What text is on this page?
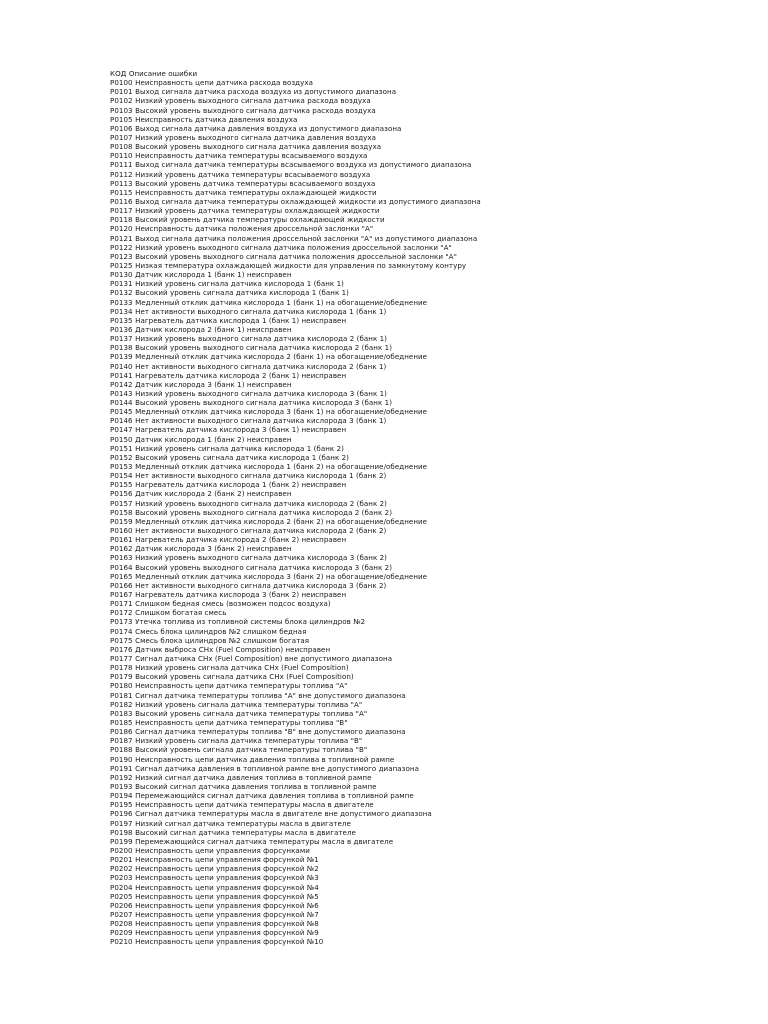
КОД Описание ошибки
P0100 Неисправность цепи датчика расхода воздуха
P0101 Выход сигнала датчика расхода воздуха из допустимого диапазона
P0102 Низкий уровень выходного сигнала датчика расхода воздуха
P0103 Высокий уровень выходного сигнала датчика расхода воздуха
P0105 Неисправность датчика давления воздуха
P0106 Выход сигнала датчика давления воздуха из допустимого диапазона
P0107 Низкий уровень выходного сигнала датчика давления воздуха
P0108 Высокий уровень выходного сигнала датчика давления воздуха
P0110 Неисправность датчика температуры всасываемого воздуха
P0111 Выход сигнала датчика температуры всасываемого воздуха из допустимого диапазона
P0112 Низкий уровень датчика температуры всасываемого воздуха
P0113 Высокий уровень датчика температуры всасываемого воздуха
P0115 Неисправность датчика температуры охлаждающей жидкости
P0116 Выход сигнала датчика температуры охлаждающей жидкости из допустимого диапазона
P0117 Низкий уровень датчика температуры охлаждающей жидкости
P0118 Высокий уровень датчика температуры охлаждающей жидкости
P0120 Неисправность датчика положения дроссельной заслонки "А"
P0121 Выход сигнала датчика положения дроссельной заслонки "А" из допустимого диапазона
P0122 Низкий уровень выходного сигнала датчика положения дроссельной заслонки "А"
P0123 Высокий уровень выходного сигнала датчика положения дроссельной заслонки "А"
P0125 Низкая температура охлаждающей жидкости для управления по замкнутому контуру
P0130 Датчик кислорода 1 (банк 1) неисправен
P0131 Низкий уровень сигнала датчика кислорода 1 (банк 1)
P0132 Высокий уровень сигнала датчика кислорода 1 (банк 1)
P0133 Медленный отклик датчика кислорода 1 (банк 1) на обогащение/обеднение
P0134 Нет активности выходного сигнала датчика кислорода 1 (банк 1)
P0135 Нагреватель датчика кислорода 1 (банк 1) неисправен
P0136 Датчик кислорода 2 (банк 1) неисправен
P0137 Низкий уровень выходного сигнала датчика кислорода 2 (банк 1)
P0138 Высокий уровень выходного сигнала датчика кислорода 2 (банк 1)
P0139 Медленный отклик датчика кислорода 2 (банк 1) на обогащение/обеднение
P0140 Нет активности выходного сигнала датчика кислорода 2 (банк 1)
P0141 Нагреватель датчика кислорода 2 (банк 1) неисправен
P0142 Датчик кислорода 3 (банк 1) неисправен
P0143 Низкий уровень выходного сигнала датчика кислорода 3 (банк 1)
P0144 Высокий уровень выходного сигнала датчика кислорода 3 (банк 1)
P0145 Медленный отклик датчика кислорода 3 (банк 1) на обогащение/обеднение
P0146 Нет активности выходного сигнала датчика кислорода 3 (банк 1)
P0147 Нагреватель датчика кислорода 3 (банк 1) неисправен
P0150 Датчик кислорода 1 (банк 2) неисправен
P0151 Низкий уровень сигнала датчика кислорода 1 (банк 2)
P0152 Высокий уровень сигнала датчика кислорода 1 (банк 2)
P0153 Медленный отклик датчика кислорода 1 (банк 2) на обогащение/обеднение
P0154 Нет активности выходного сигнала датчика кислорода 1 (банк 2)
P0155 Нагреватель датчика кислорода 1 (банк 2) неисправен
P0156 Датчик кислорода 2 (банк 2) неисправен
P0157 Низкий уровень выходного сигнала датчика кислорода 2 (банк 2)
P0158 Высокий уровень выходного сигнала датчика кислорода 2 (банк 2)
P0159 Медленный отклик датчика кислорода 2 (банк 2) на обогащение/обеднение
P0160 Нет активности выходного сигнала датчика кислорода 2 (банк 2)
P0161 Нагреватель датчика кислорода 2 (банк 2) неисправен
P0162 Датчик кислорода 3 (банк 2) неисправен
P0163 Низкий уровень выходного сигнала датчика кислорода 3 (банк 2)
P0164 Высокий уровень выходного сигнала датчика кислорода 3 (банк 2)
P0165 Медленный отклик датчика кислорода 3 (банк 2) на обогащение/обеднение
P0166 Нет активности выходного сигнала датчика кислорода 3 (банк 2)
P0167 Нагреватель датчика кислорода 3 (банк 2) неисправен
P0171 Слишком бедная смесь (возможен подсос воздуха)
P0172 Слишком богатая смесь
P0173 Утечка топлива из топливной системы блока цилиндров №2
P0174 Смесь блока цилиндров №2 слишком бедная
P0175 Смесь блока цилиндров №2 слишком богатая
P0176 Датчик выброса CHx (Fuel Composition) неисправен
P0177 Сигнал датчика CHx (Fuel Composition) вне допустимого диапазона
P0178 Низкий уровень сигнала датчика CHx (Fuel Composition)
P0179 Высокий уровень сигнала датчика CHx (Fuel Composition)
P0180 Неисправность цепи датчика температуры топлива "А"
P0181 Сигнал датчика температуры топлива "А" вне допустимого диапазона
P0182 Низкий уровень сигнала датчика температуры топлива "А"
P0183 Высокий уровень сигнала датчика температуры топлива "А"
P0185 Неисправность цепи датчика температуры топлива "В"
P0186 Сигнал датчика температуры топлива "В" вне допустимого диапазона
P0187 Низкий уровень сигнала датчика температуры топлива "В"
P0188 Высокий уровень сигнала датчика температуры топлива "В"
P0190 Неисправность цепи датчика давления топлива в топливной рампе
P0191 Сигнал датчика давления в топливной рампе вне допустимого диапазона
P0192 Низкий сигнал датчика давления топлива в топливной рампе
P0193 Высокий сигнал датчика давления топлива в топливной рампе
P0194 Перемежающийся сигнал датчика давления топлива в топливной рампе
P0195 Неисправность цепи датчика температуры масла в двигателе
P0196 Сигнал датчика температуры масла в двигателе вне допустимого диапазона
P0197 Низкий сигнал датчика температуры масла в двигателе
P0198 Высокий сигнал датчика температуры масла в двигателе
P0199 Перемежающийся сигнал датчика температуры масла в двигателе
P0200 Неисправность цепи управления форсунками
P0201 Неисправность цепи управления форсункой №1
P0202 Неисправность цепи управления форсункой №2
P0203 Неисправность цепи управления форсункой №3
P0204 Неисправность цепи управления форсункой №4
P0205 Неисправность цепи управления форсункой №5
P0206 Неисправность цепи управления форсункой №6
P0207 Неисправность цепи управления форсункой №7
P0208 Неисправность цепи управления форсункой №8
P0209 Неисправность цепи управления форсункой №9
P0210 Неисправность цепи управления форсункой №10
